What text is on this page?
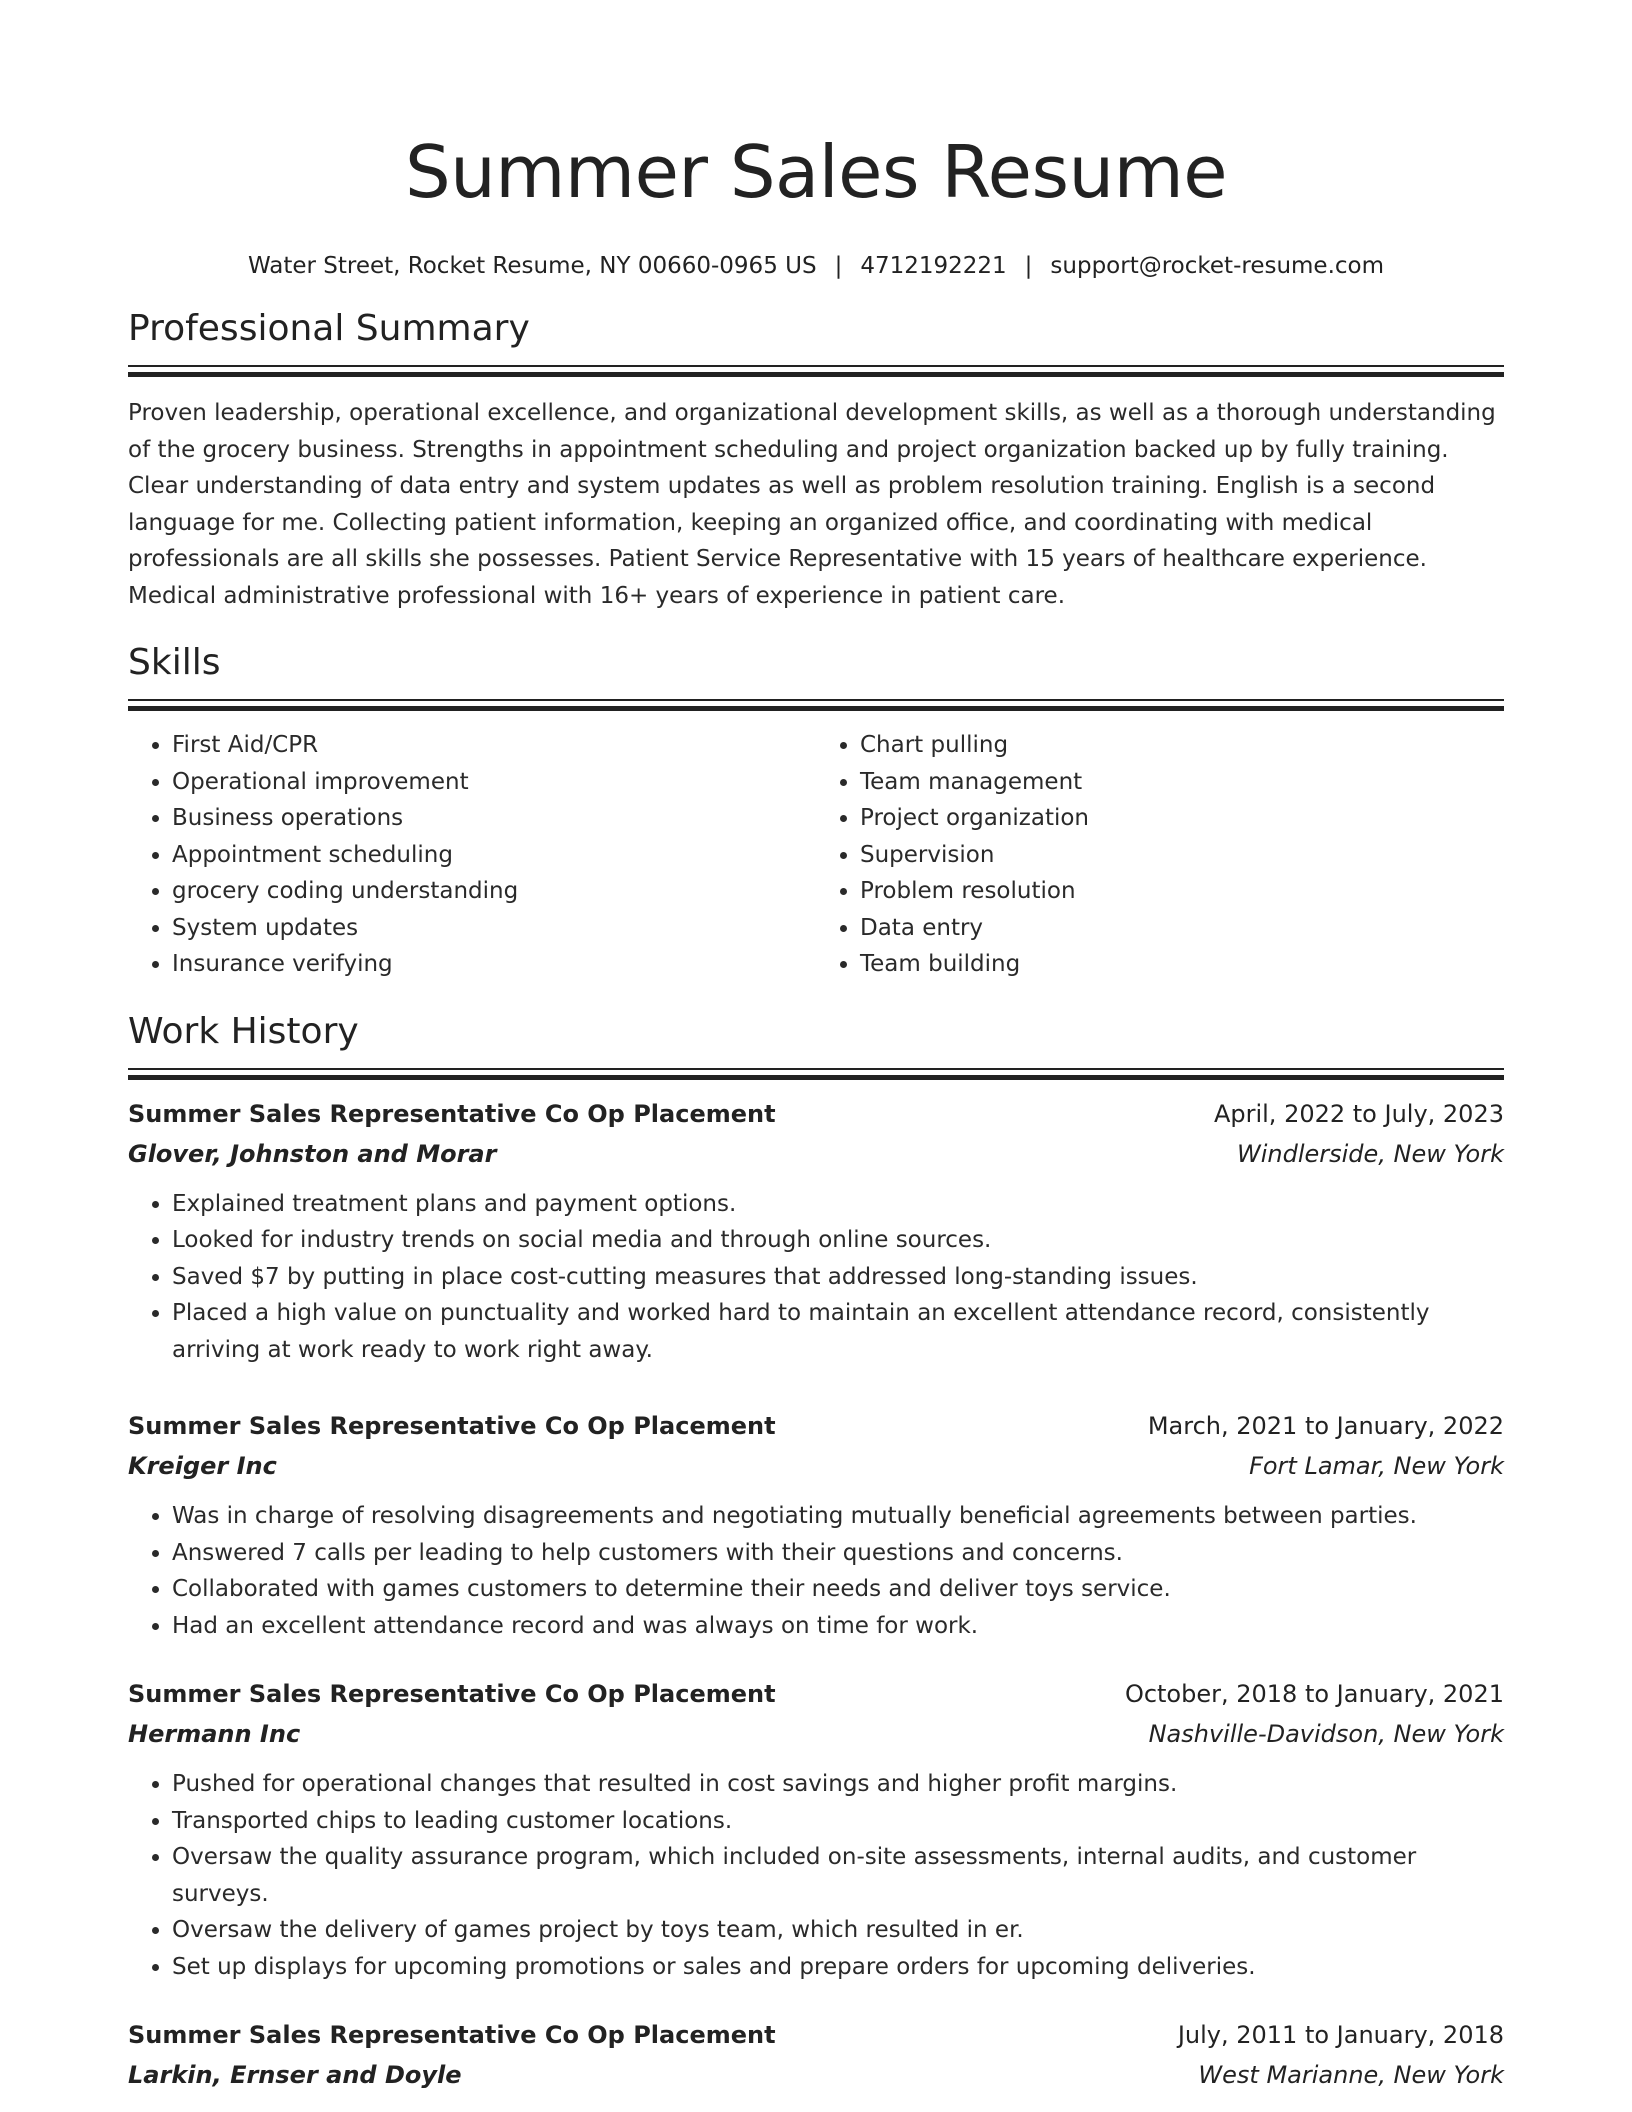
Summer Sales Resume
Water Street, Rocket Resume, NY 00660-0965 US | 4712192221 | support@rocket-resume.com
Professional Summary
Proven leadership, operational excellence, and organizational development skills, as well as a thorough understanding of the grocery business. Strengths in appointment scheduling and project organization backed up by fully training. Clear understanding of data entry and system updates as well as problem resolution training. English is a second language for me. Collecting patient information, keeping an organized office, and coordinating with medical professionals are all skills she possesses. Patient Service Representative with 15 years of healthcare experience. Medical administrative professional with 16+ years of experience in patient care.
Skills
• First Aid/CPR
• Operational improvement
• Business operations
• Appointment scheduling
• grocery coding understanding
• System updates
• Insurance verifying
• Chart pulling
• Team management
• Project organization
• Supervision
• Problem resolution
• Data entry
• Team building
Work History
Summer Sales Representative Co Op Placement	April, 2022 to July, 2023
Glover, Johnston and Morar	Windlerside, New York
• Explained treatment plans and payment options.
• Looked for industry trends on social media and through online sources.
• Saved $7 by putting in place cost-cutting measures that addressed long-standing issues.
• Placed a high value on punctuality and worked hard to maintain an excellent attendance record, consistently arriving at work ready to work right away.
Summer Sales Representative Co Op Placement	March, 2021 to January, 2022
Kreiger Inc	Fort Lamar, New York
• Was in charge of resolving disagreements and negotiating mutually beneficial agreements between parties.
• Answered 7 calls per leading to help customers with their questions and concerns.
• Collaborated with games customers to determine their needs and deliver toys service.
• Had an excellent attendance record and was always on time for work.
Summer Sales Representative Co Op Placement	October, 2018 to January, 2021
Hermann Inc	Nashville-Davidson, New York
• Pushed for operational changes that resulted in cost savings and higher profit margins.
• Transported chips to leading customer locations.
• Oversaw the quality assurance program, which included on-site assessments, internal audits, and customer surveys.
• Oversaw the delivery of games project by toys team, which resulted in er.
• Set up displays for upcoming promotions or sales and prepare orders for upcoming deliveries.
Summer Sales Representative Co Op Placement	July, 2011 to January, 2018
Larkin, Ernser and Doyle	West Marianne, New York
